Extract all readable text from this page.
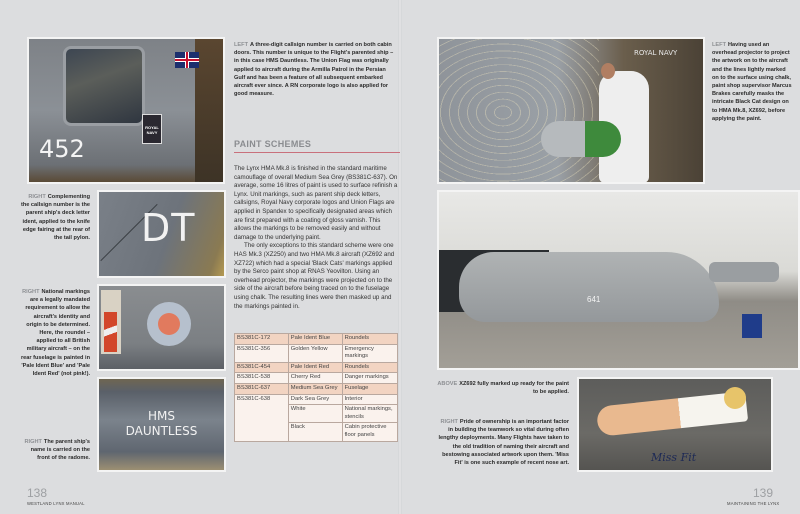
ROYAL NAVY
452
DT
HMS
DAUNTLESS
LEFT A three-digit callsign number is carried on both cabin doors. This number is unique to the Flight's parented ship – in this case HMS Dauntless. The Union Flag was originally applied to aircraft during the Armilla Patrol in the Persian Gulf and has been a feature of all subsequent embarked aircraft ever since. A RN corporate logo is also applied for good measure.
RIGHT Complementing the callsign number is the parent ship's deck letter ident, applied to the knife edge fairing at the rear of the tail pylon.
RIGHT National markings are a legally mandated requirement to allow the aircraft's identity and origin to be determined. Here, the roundel – applied to all British military aircraft – on the rear fuselage is painted in 'Pale Ident Blue' and 'Pale Ident Red' (not pink!).
RIGHT The parent ship's name is carried on the front of the radome.
PAINT SCHEMES

The Lynx HMA Mk.8 is finished in the standard maritime camouflage of overall Medium Sea Grey (BS381C-637). On average, some 16 litres of paint is used to surface refinish a Lynx. Unit markings, such as parent ship deck letters, callsigns, Royal Navy corporate logos and Union Flags are applied in Spandex to specifically designated areas which are first prepared with a coating of gloss varnish. This allows the markings to be removed easily and without damage to the underlying paint.

The only exceptions to this standard scheme were one HAS Mk.3 (XZ250) and two HMA Mk.8 aircraft (XZ692 and XZ722) which had a special 'Black Cats' markings applied by the Serco paint shop at RNAS Yeovilton. Using an overhead projector, the markings were projected on to the side of the aircraft before being traced on to the fuselage using chalk. The resulting lines were then masked up and the markings painted in.

BS381C-172	Pale Ident Blue	Roundels
BS381C-356	Golden Yellow	Emergency markings
BS381C-454	Pale Ident Red	Roundels
BS381C-538	Cherry Red	Danger markings
BS381C-637	Medium Sea Grey	Fuselage
BS381C-638	Dark Sea Grey	Interior
	White	National markings, stencils
	Black	Cabin protective floor panels
138
WESTLAND LYNX MANUAL
ROYAL NAVY
641
Miss Fit
LEFT Having used an overhead projector to project the artwork on to the aircraft and the lines lightly marked on to the surface using chalk, paint shop supervisor Marcus Brakes carefully masks the intricate Black Cat design on to HMA Mk.8, XZ692, before applying the paint.
ABOVE XZ692 fully marked up ready for the paint to be applied.
RIGHT Pride of ownership is an important factor in building the teamwork so vital during often lengthy deployments. Many Flights have taken to the old tradition of naming their aircraft and bestowing associated artwork upon them. 'Miss Fit' is one such example of recent nose art.
139
MAINTAINING THE LYNX
